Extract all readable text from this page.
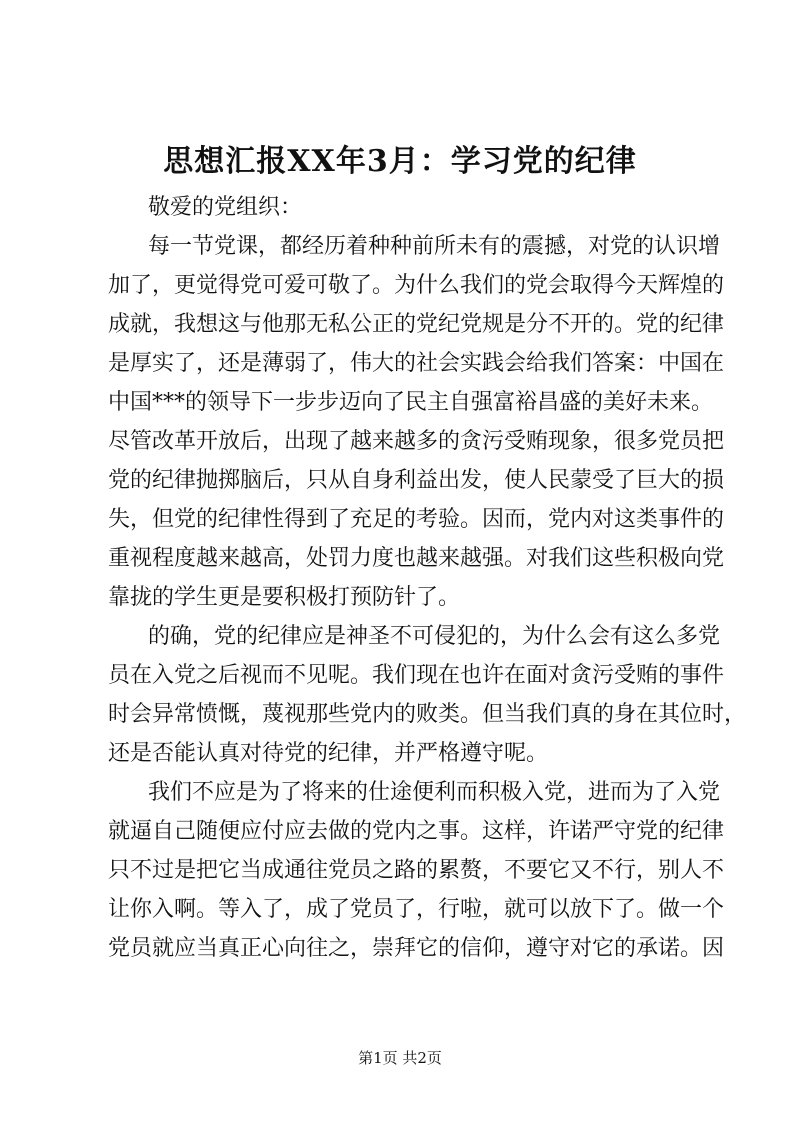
思想汇报XX年3月：学习党的纪律

敬爱的党组织：

每一节党课，都经历着种种前所未有的震撼，对党的认识增
加了，更觉得党可爱可敬了。为什么我们的党会取得今天辉煌的
成就，我想这与他那无私公正的党纪党规是分不开的。党的纪律
是厚实了，还是薄弱了，伟大的社会实践会给我们答案：中国在
中国***的领导下一步步迈向了民主自强富裕昌盛的美好未来。
尽管改革开放后，出现了越来越多的贪污受贿现象，很多党员把
党的纪律抛掷脑后，只从自身利益出发，使人民蒙受了巨大的损
失，但党的纪律性得到了充足的考验。因而，党内对这类事件的
重视程度越来越高，处罚力度也越来越强。对我们这些积极向党
靠拢的学生更是要积极打预防针了。
的确，党的纪律应是神圣不可侵犯的，为什么会有这么多党
员在入党之后视而不见呢。我们现在也许在面对贪污受贿的事件
时会异常愤慨，蔑视那些党内的败类。但当我们真的身在其位时，
还是否能认真对待党的纪律，并严格遵守呢。
我们不应是为了将来的仕途便利而积极入党，进而为了入党
就逼自己随便应付应去做的党内之事。这样，许诺严守党的纪律
只不过是把它当成通往党员之路的累赘，不要它又不行，别人不
让你入啊。等入了，成了党员了，行啦，就可以放下了。做一个
党员就应当真正心向往之，崇拜它的信仰，遵守对它的承诺。因
第1页 共2页
